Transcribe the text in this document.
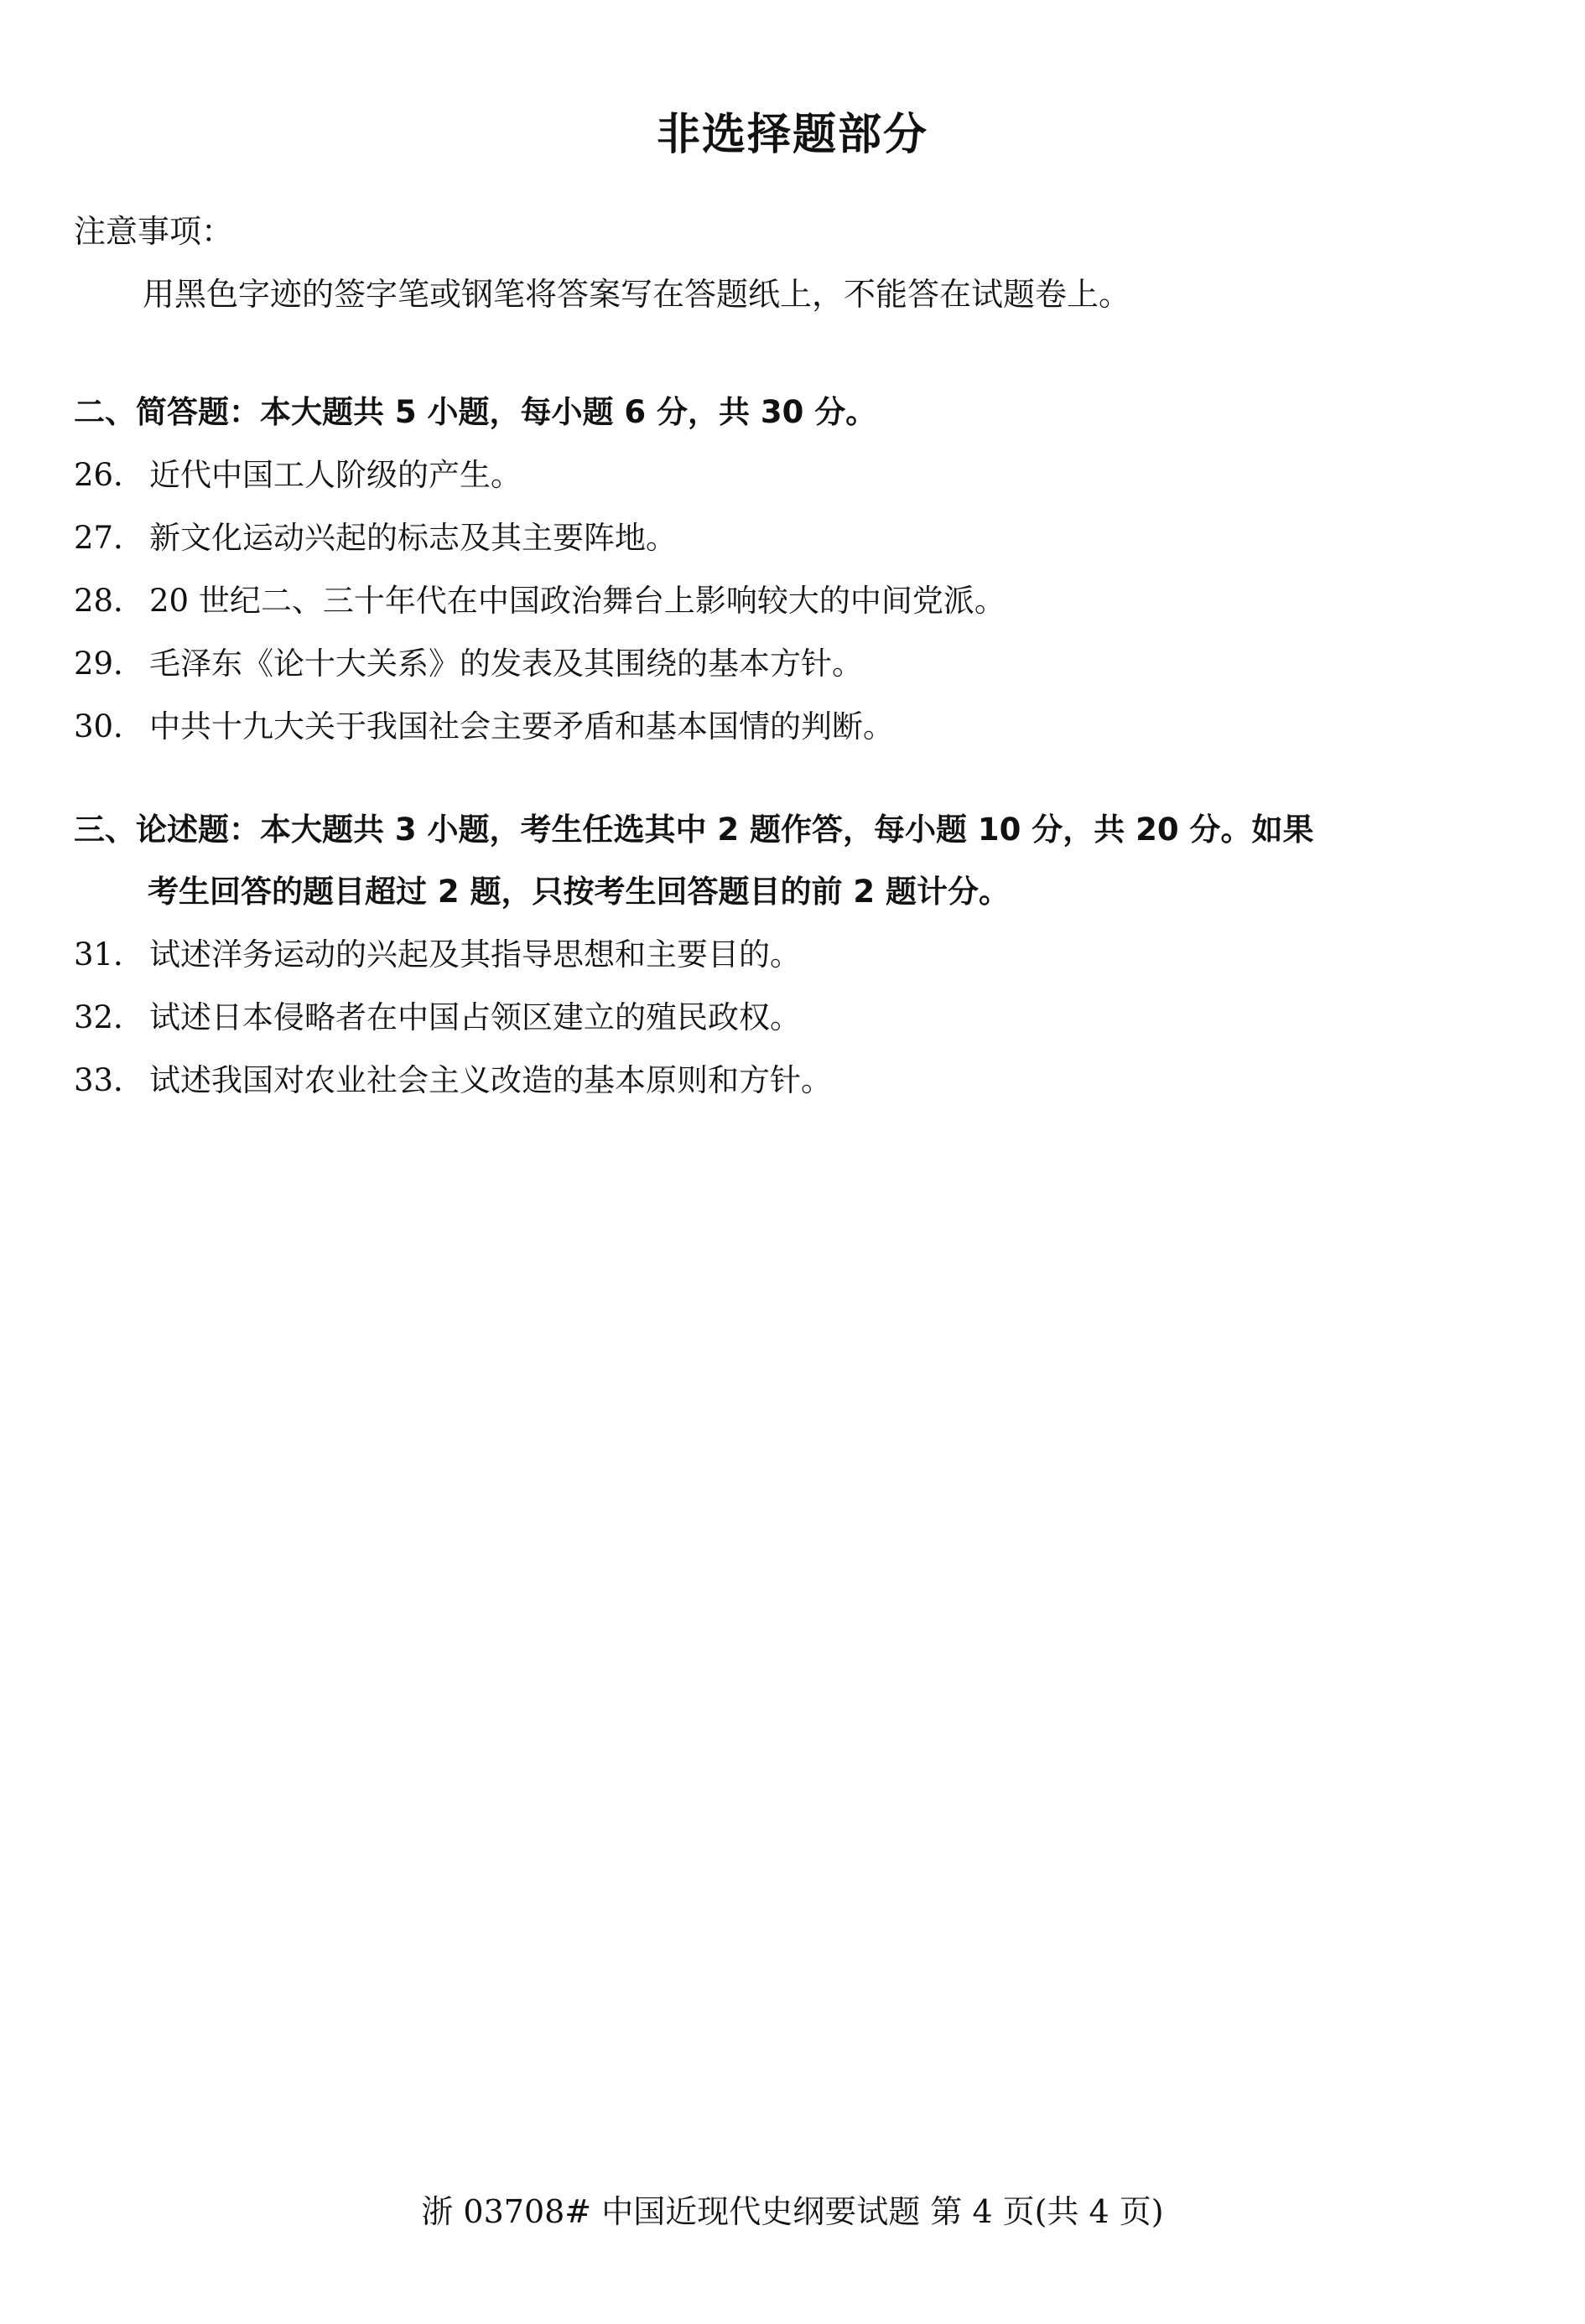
非选择题部分
注意事项：
用黑色字迹的签字笔或钢笔将答案写在答题纸上，不能答在试题卷上。
二、简答题：本大题共 5 小题，每小题 6 分，共 30 分。
26． 近代中国工人阶级的产生。
27． 新文化运动兴起的标志及其主要阵地。
28． 20 世纪二、三十年代在中国政治舞台上影响较大的中间党派。
29． 毛泽东《论十大关系》的发表及其围绕的基本方针。
30． 中共十九大关于我国社会主要矛盾和基本国情的判断。
三、论述题：本大题共 3 小题，考生任选其中 2 题作答，每小题 10 分，共 20 分。如果
考生回答的题目超过 2 题，只按考生回答题目的前 2 题计分。
31． 试述洋务运动的兴起及其指导思想和主要目的。
32． 试述日本侵略者在中国占领区建立的殖民政权。
33． 试述我国对农业社会主义改造的基本原则和方针。
浙 03708# 中国近现代史纲要试题 第 4 页(共 4 页)
